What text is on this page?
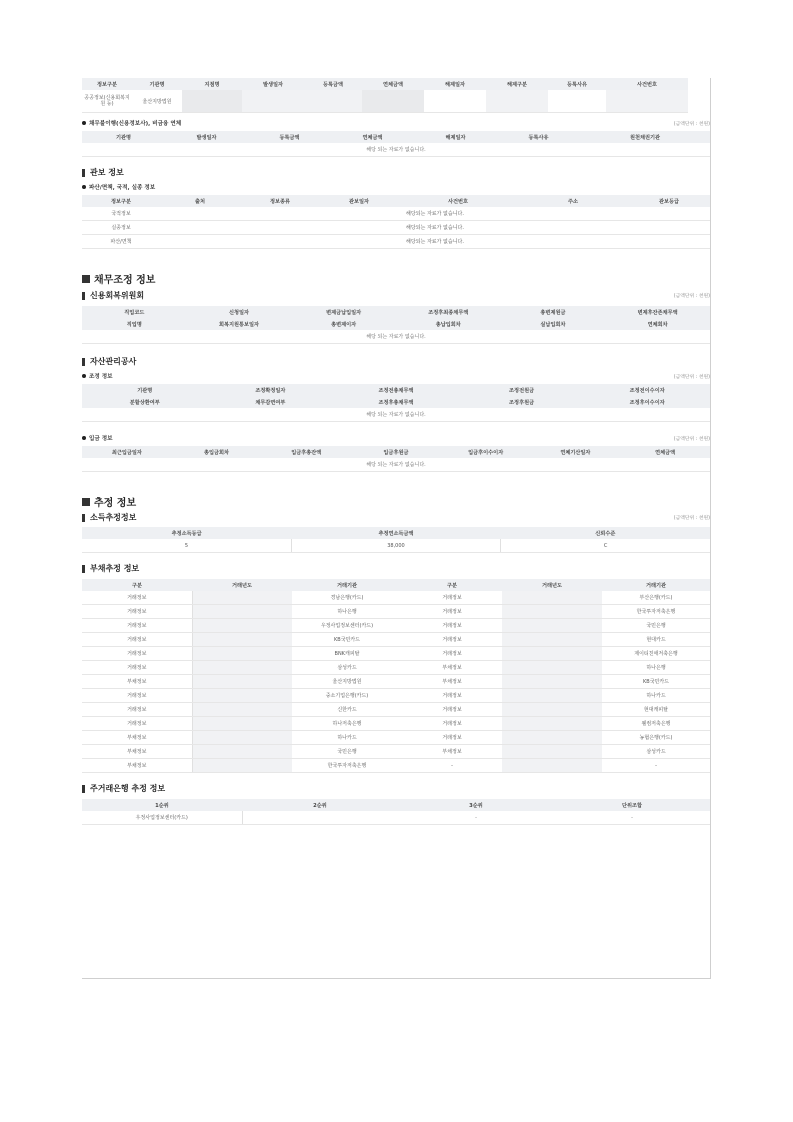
정보구분	기관명	지점명	발생일자	등록금액	연체금액	해제일자	해제구분	등록사유	사건번호
공공정보(신용회복지원 등)	울산지방법원								
채무불이행(신용정보사), 비금융 연체	(금액단위 : 천원)
기관명	발생일자	등록금액	연체금액	해제일자	등록사유	원천채권기관
해당 되는 자료가 없습니다.
관보 정보
파산/면책, 국적, 실종 정보
정보구분	출처	정보종류	관보일자	사건번호	주소	관보등급
국적정보	해당되는 자료가 없습니다.					
실종정보	해당되는 자료가 없습니다.					
파산/면책	해당되는 자료가 없습니다.					
채무조정 정보
신용회복위원회	(금액단위 : 천원)
직업코드	신청일자	변제금납입일자	조정후최종채무액	총변제원금	변제후잔존채무액
직업명	회복지원통보일자	총변제이자	총납입회차	실납입회차	연체회차
해당 되는 자료가 없습니다.					
자산관리공사
조정 정보	(금액단위 : 천원)
기관명	조정확정일자	조정전총채무액	조정전원금	조정전이수이자
분할상환여부	채무감면여부	조정후총채무액	조정후원금	조정후이수이자
해당 되는 자료가 없습니다.				
입금 정보	(금액단위 : 천원)
최근입금일자	총입금회차	입금후총잔액	입금후원금	입금후이수이자	연체기산일자	연체금액
해당 되는 자료가 없습니다.
추정 정보
소득추정정보	(금액단위 : 천원)
추정소득등급	추정연소득금액	신뢰수준
5	38,000	C
부채추정 정보
구분	거래년도	거래기관	구분	거래년도	거래기관
거래정보		경남은행(카드)	거래정보		부산은행(카드)
거래정보		하나은행	거래정보		한국투자저축은행
거래정보		우정사업정보센터(카드)	거래정보		국민은행
거래정보		KB국민카드	거래정보		현대카드
거래정보		BNK캐피탈	거래정보		제이티친애저축은행
거래정보		삼성카드	부채정보		하나은행
부채정보		울산지방법원	부채정보		KB국민카드
거래정보		중소기업은행(카드)	거래정보		하나카드
거래정보		신한카드	거래정보		현대캐피탈
거래정보		하나저축은행	거래정보		웰컴저축은행
부채정보		하나카드	거래정보		농협은행(카드)
부채정보		국민은행	부채정보		삼성카드
부채정보		한국투자저축은행	-		-
주거래은행 추정 정보
1순위	2순위	3순위	단위조합
우정사업정보센터(카드)		-	-
